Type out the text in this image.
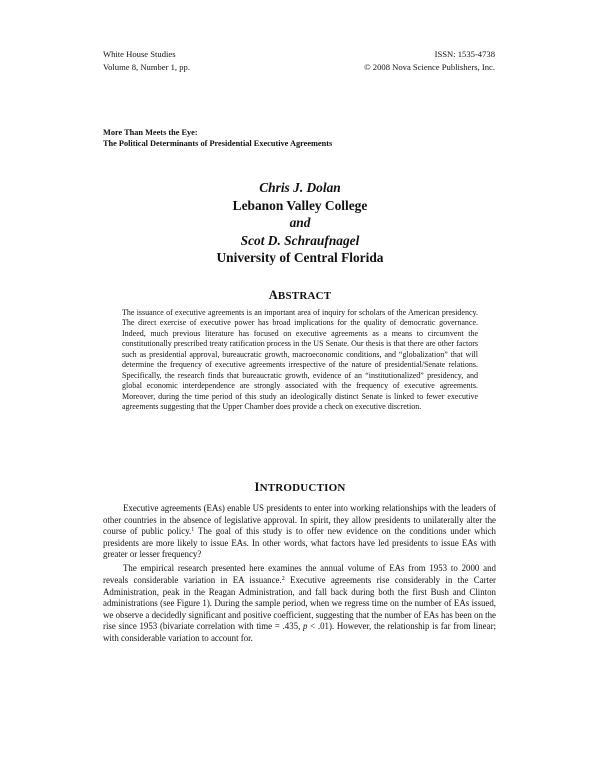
White House Studies	ISSN: 1535-4738
Volume 8, Number 1, pp.	© 2008 Nova Science Publishers, Inc.
More Than Meets the Eye:
The Political Determinants of Presidential Executive Agreements
Chris J. Dolan
Lebanon Valley College
and
Scot D. Schraufnagel
University of Central Florida
ABSTRACT

The issuance of executive agreements is an important area of inquiry for scholars of the American presidency. The direct exercise of executive power has broad implications for the quality of democratic governance. Indeed, much previous literature has focused on executive agreements as a means to circumvent the constitutionally prescribed treaty ratification process in the US Senate. Our thesis is that there are other factors such as presidential approval, bureaucratic growth, macroeconomic conditions, and “globalization” that will determine the frequency of executive agreements irrespective of the nature of presidential/Senate relations. Specifically, the research finds that bureaucratic growth, evidence of an “institutionalized” presidency, and global economic interdependence are strongly associated with the frequency of executive agreements. Moreover, during the time period of this study an ideologically distinct Senate is linked to fewer executive agreements suggesting that the Upper Chamber does provide a check on executive discretion.

INTRODUCTION

Executive agreements (EAs) enable US presidents to enter into working relationships with the leaders of other countries in the absence of legislative approval. In spirit, they allow presidents to unilaterally alter the course of public policy.$^1$ The goal of this study is to offer new evidence on the conditions under which presidents are more likely to issue EAs. In other words, what factors have led presidents to issue EAs with greater or lesser frequency?

The empirical research presented here examines the annual volume of EAs from 1953 to 2000 and reveals considerable variation in EA issuance.$^2$ Executive agreements rise considerably in the Carter Administration, peak in the Reagan Administration, and fall back during both the first Bush and Clinton administrations (see Figure 1). During the sample period, when we regress time on the number of EAs issued, we observe a decidedly significant and positive coefficient, suggesting that the number of EAs has been on the rise since 1953 (bivariate correlation with time = .435, p < .01). However, the relationship is far from linear; with considerable variation to account for.
